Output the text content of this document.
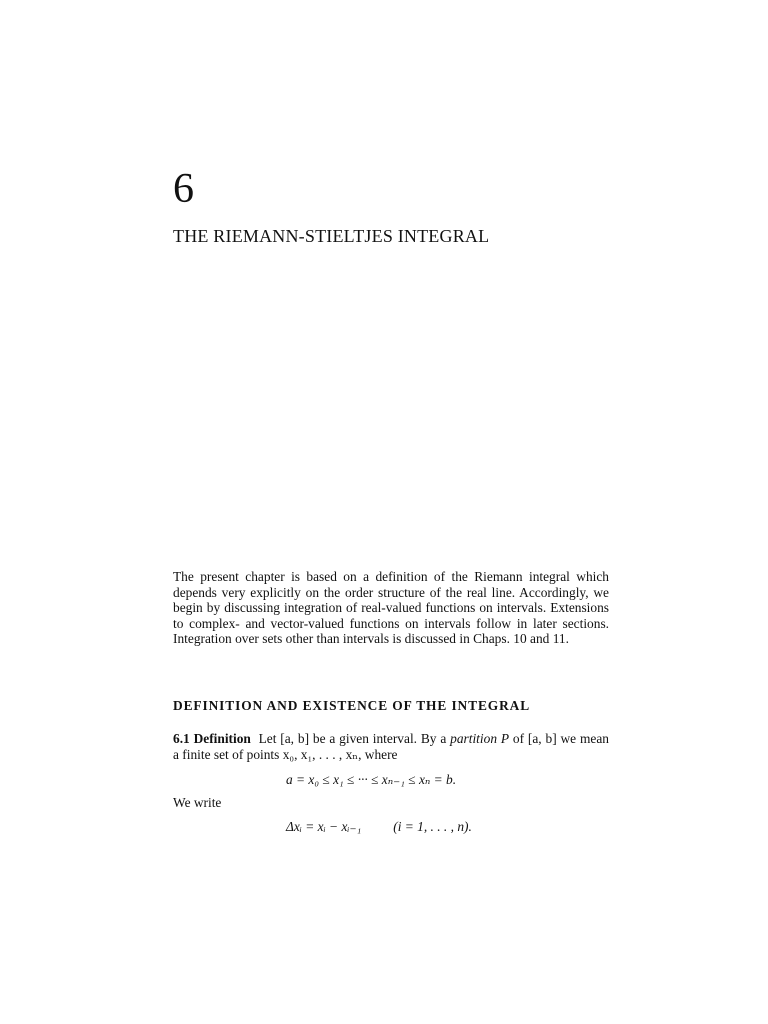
6
THE RIEMANN-STIELTJES INTEGRAL
The present chapter is based on a definition of the Riemann integral which depends very explicitly on the order structure of the real line. Accordingly, we begin by discussing integration of real-valued functions on intervals. Extensions to complex- and vector-valued functions on intervals follow in later sections. Integration over sets other than intervals is discussed in Chaps. 10 and 11.
DEFINITION AND EXISTENCE OF THE INTEGRAL
6.1 Definition Let [a, b] be a given interval. By a partition P of [a, b] we mean a finite set of points x₀, x₁, . . . , xₙ, where
a = x₀ ≤ x₁ ≤ ··· ≤ xₙ₋₁ ≤ xₙ = b.
We write
Δxᵢ = xᵢ − xᵢ₋₁ (i = 1, . . . , n).
